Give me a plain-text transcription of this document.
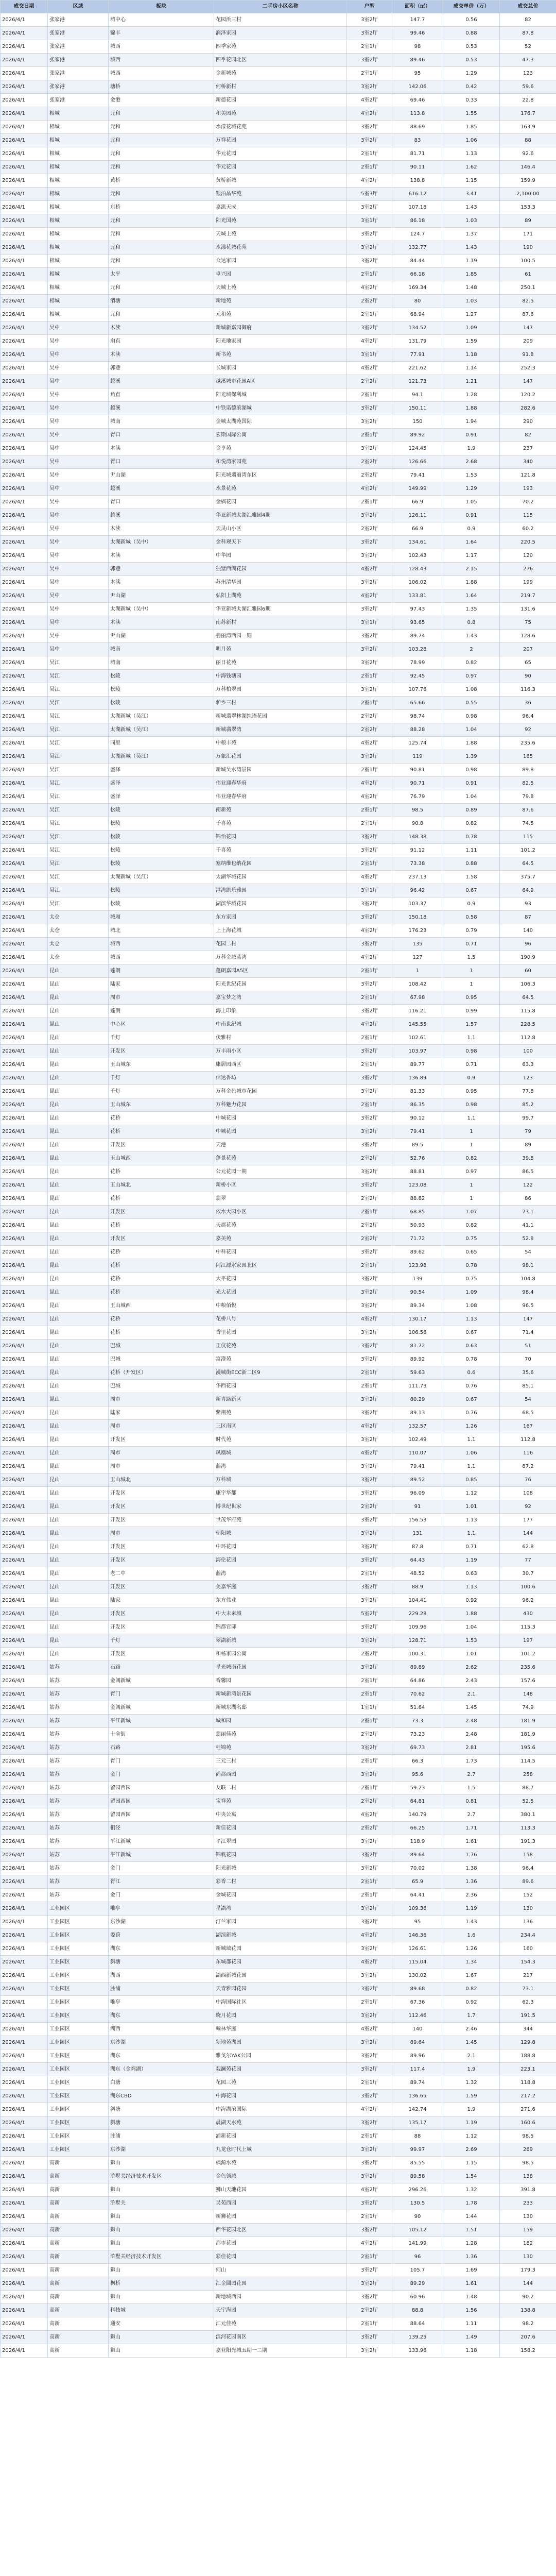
成交日期	区域	板块	二手房小区名称	户型	面积（㎡）	成交单价（万）	成交总价
2026/4/1	张家港	城中心	花园浜三村	3室2厅	147.7	0.56	82
2026/4/1	张家港	锦丰	润泽家园	3室2厅	99.46	0.88	87.8
2026/4/1	张家港	城西	四季家苑	2室1厅	98	0.53	52
2026/4/1	张家港	城西	四季花园北区	3室2厅	89.46	0.53	47.3
2026/4/1	张家港	城西	金新城苑	2室1厅	95	1.29	123
2026/4/1	张家港	塘桥	何桥新村	3室2厅	142.06	0.42	59.6
2026/4/1	张家港	金港	新德花园	4室2厅	69.46	0.33	22.8
2026/4/1	相城	元和	和美园苑	4室2厅	113.8	1.55	176.7
2026/4/1	相城	元和	水漾花城花苑	3室2厅	88.69	1.85	163.9
2026/4/1	相城	元和	万祥花园	3室2厅	83	1.06	88
2026/4/1	相城	元和	华元花园	2室1厅	81.71	1.13	92.6
2026/4/1	相城	元和	华元花园	2室1厅	90.11	1.62	146.4
2026/4/1	相城	黄桥	黄桥新城	4室2厅	138.8	1.15	159.9
2026/4/1	相城	元和	银泊晶华苑	5室3厅	616.12	3.41	2,100.00
2026/4/1	相城	东桥	嘉凯天成	3室2厅	107.18	1.43	153.3
2026/4/1	相城	元和	阳光国苑	3室1厅	86.18	1.03	89
2026/4/1	相城	元和	天城上苑	3室2厅	124.7	1.37	171
2026/4/1	相城	元和	水漾花城花苑	3室2厅	132.77	1.43	190
2026/4/1	相城	元和	众达家园	3室2厅	84.44	1.19	100.5
2026/4/1	相城	太平	卓兴园	2室1厅	66.18	1.85	61
2026/4/1	相城	元和	天城上苑	4室2厅	169.34	1.48	250.1
2026/4/1	相城	渭塘	新地苑	2室2厅	80	1.03	82.5
2026/4/1	相城	元和	元和苑	2室1厅	68.94	1.27	87.6
2026/4/1	吴中	木渎	新城新嘉园御府	3室2厅	134.52	1.09	147
2026/4/1	吴中	甪直	阳光地家园	4室2厅	131.79	1.59	209
2026/4/1	吴中	木渎	新书苑	3室1厅	77.91	1.18	91.8
2026/4/1	吴中	郭巷	长城家园	4室2厅	221.62	1.14	252.3
2026/4/1	吴中	越溪	越溪城市花园A区	2室2厅	121.73	1.21	147
2026/4/1	吴中	角直	阳光城保利城	2室1厅	94.1	1.28	120.2
2026/4/1	吴中	越溪	中铁诺德滨湖城	3室2厅	150.11	1.88	282.6
2026/4/1	吴中	城南	金城太湖苑国际	3室2厅	150	1.94	290
2026/4/1	吴中	胥口	宏斯国际公寓	2室1厅	89.92	0.91	82
2026/4/1	吴中	木渎	金亨苑	3室2厅	124.45	1.9	237
2026/4/1	吴中	胥口	和悦湾家园苑	2室2厅	126.66	2.68	340
2026/4/1	吴中	尹山湖	阳光城翡丽湾东区	2室2厅	79.41	1.53	121.8
2026/4/1	吴中	越溪	水景花苑	4室2厅	149.99	1.29	193
2026/4/1	吴中	胥口	金枫花园	2室1厅	66.9	1.05	70.2
2026/4/1	吴中	越溪	华亚新城太湖汇雅园4期	3室2厅	126.11	0.91	115
2026/4/1	吴中	木渎	天灵山小区	2室2厅	66.9	0.9	60.2
2026/4/1	吴中	太湖新城（吴中）	金科观天下	3室2厅	134.61	1.64	220.5
2026/4/1	吴中	木渎	中华园	3室2厅	102.43	1.17	120
2026/4/1	吴中	郭巷	独墅西湖花园	4室2厅	128.43	2.15	276
2026/4/1	吴中	木渎	苏州清华园	3室2厅	106.02	1.88	199
2026/4/1	吴中	尹山湖	弘阳上湖苑	4室2厅	133.81	1.64	219.7
2026/4/1	吴中	太湖新城（吴中）	华亚新城太湖汇雅园6期	3室2厅	97.43	1.35	131.6
2026/4/1	吴中	木渎	南苏新村	3室1厅	93.65	0.8	75
2026/4/1	吴中	尹山湖	翡丽湾西园一期	3室2厅	89.74	1.43	128.6
2026/4/1	吴中	城南	明月苑	3室2厅	103.28	2	207
2026/4/1	吴江	城南	丽日花苑	3室2厅	78.99	0.82	65
2026/4/1	吴江	松陵	中海钱塘园	2室1厅	92.45	0.97	90
2026/4/1	吴江	松陵	万科柏翠园	3室2厅	107.76	1.08	116.3
2026/4/1	吴江	松陵	驴乡三村	2室1厅	65.66	0.55	36
2026/4/1	吴江	太湖新城（吴江）	新城翡翠林湖纯语花园	2室2厅	98.74	0.98	96.4
2026/4/1	吴江	太湖新城（吴江）	新城翡翠湾	2室2厅	88.28	1.04	92
2026/4/1	吴江	同里	中粮丰苑	4室2厅	125.74	1.88	235.6
2026/4/1	吴江	太湖新城（吴江）	万象汇花园	3室2厅	119	1.39	165
2026/4/1	吴江	盛泽	新城吴水湾景园	2室1厅	90.81	0.98	89.8
2026/4/1	吴江	盛泽	伟业迎春华府	4室2厅	90.71	0.91	82.5
2026/4/1	吴江	盛泽	伟业迎春华府	4室2厅	76.79	1.04	79.8
2026/4/1	吴江	松陵	南新苑	2室1厅	98.5	0.89	87.6
2026/4/1	吴江	松陵	千喜苑	2室1厅	90.8	0.82	74.5
2026/4/1	吴江	松陵	锦怡花园	3室2厅	148.38	0.78	115
2026/4/1	吴江	松陵	千喜苑	3室2厅	91.12	1.11	101.2
2026/4/1	吴江	松陵	塞纳维也纳花园	2室1厅	73.38	0.88	64.5
2026/4/1	吴江	太湖新城（吴江）	太湖华城花园	4室2厅	237.13	1.58	375.7
2026/4/1	吴江	松陵	港湾凯乐雅园	3室1厅	96.42	0.67	64.9
2026/4/1	吴江	松陵	湖滨华城花园	3室2厅	103.37	0.9	93
2026/4/1	太仓	城厢	东方家园	3室2厅	150.18	0.58	87
2026/4/1	太仓	城北	上上海花城	4室2厅	176.23	0.79	140
2026/4/1	太仓	城西	花园二村	3室2厅	135	0.71	96
2026/4/1	太仓	城西	万科金域蓝湾	4室2厅	127	1.5	190.9
2026/4/1	昆山	蓬朗	蓬朗嘉园A5区	2室1厅	1	1	60
2026/4/1	昆山	陆家	阳光世纪花园	3室2厅	108.42	1	106.3
2026/4/1	昆山	周市	嘉宝梦之湾	2室1厅	67.98	0.95	64.5
2026/4/1	昆山	蓬朗	海上印象	3室2厅	116.21	0.99	115.8
2026/4/1	昆山	中心区	中南世纪城	4室2厅	145.55	1.57	228.5
2026/4/1	昆山	千灯	伏雅村	2室1厅	102.61	1.1	112.8
2026/4/1	昆山	开发区	万丰雨小区	3室2厅	103.97	0.98	100
2026/4/1	昆山	玉山城东	康居园西区	2室1厅	89.77	0.71	63.3
2026/4/1	昆山	千灯	信达香坊	3室2厅	136.89	0.9	123
2026/4/1	昆山	千灯	万科金色城市花园	3室2厅	81.33	0.95	77.8
2026/4/1	昆山	玉山城东	万科魅力花园	2室1厅	86.35	0.98	85.2
2026/4/1	昆山	花桥	中城花园	3室2厅	90.12	1.1	99.7
2026/4/1	昆山	花桥	中城花园	3室2厅	79.41	1	79
2026/4/1	昆山	开发区	天港	3室2厅	89.5	1	89
2026/4/1	昆山	玉山城西	蓬景花苑	2室2厅	52.76	0.82	39.8
2026/4/1	昆山	花桥	公元花园一期	3室2厅	88.81	0.97	86.5
2026/4/1	昆山	玉山城北	新桥小区	3室2厅	123.08	1	122
2026/4/1	昆山	花桥	翡翠	2室2厅	88.82	1	86
2026/4/1	昆山	开发区	依水大园小区	2室1厅	68.85	1.07	73.1
2026/4/1	昆山	花桥	天郡花苑	2室2厅	50.93	0.82	41.1
2026/4/1	昆山	开发区	嘉美苑	2室2厅	71.72	0.75	52.8
2026/4/1	昆山	花桥	中科花园	3室2厅	89.62	0.65	54
2026/4/1	昆山	花桥	阿江源水家园北区	2室1厅	123.98	0.78	98.1
2026/4/1	昆山	花桥	太平花园	3室2厅	139	0.75	104.8
2026/4/1	昆山	花桥	光大花园	3室2厅	90.54	1.09	98.4
2026/4/1	昆山	玉山城西	中粮佰悦	3室2厅	89.34	1.08	96.5
2026/4/1	昆山	花桥	花桥八号	4室2厅	130.17	1.13	147
2026/4/1	昆山	花桥	香里花园	3室2厅	106.56	0.67	71.4
2026/4/1	昆山	巴城	正仪花苑	3室2厅	81.72	0.63	51
2026/4/1	昆山	巴城	富澄苑	3室2厅	89.92	0.78	70
2026/4/1	昆山	花桥（开发区）	漫城街ECC新二区9	2室1厅	59.63	0.6	35.6
2026/4/1	昆山	巴城	华西花园	2室1厅	111.73	0.76	85.1
2026/4/1	昆山	周市	新青路新区	3室2厅	80.29	0.67	54
2026/4/1	昆山	陆家	紫荆苑	3室2厅	89.13	0.76	68.5
2026/4/1	昆山	周市	三区南区	4室2厅	132.57	1.26	167
2026/4/1	昆山	开发区	时代苑	3室2厅	102.49	1.1	112.8
2026/4/1	昆山	周市	凤凰城	4室2厅	110.07	1.06	116
2026/4/1	昆山	周市	蓝湾	3室2厅	79.41	1.1	87.2
2026/4/1	昆山	玉山城北	万科城	3室2厅	89.52	0.85	76
2026/4/1	昆山	开发区	康宇华都	3室2厅	96.09	1.12	108
2026/4/1	昆山	开发区	博世纪世家	2室2厅	91	1.01	92
2026/4/1	昆山	开发区	世茂华府苑	3室2厅	156.53	1.13	177
2026/4/1	昆山	周市	朝阳城	3室2厅	131	1.1	144
2026/4/1	昆山	开发区	中环花园	3室2厅	87.8	0.71	62.8
2026/4/1	昆山	开发区	海伦花园	3室2厅	64.43	1.19	77
2026/4/1	昆山	老二中	蓝湾	2室1厅	48.52	0.63	30.7
2026/4/1	昆山	开发区	美嘉华庭	3室2厅	88.9	1.13	100.6
2026/4/1	昆山	陆家	东方伟业	3室2厅	104.41	0.92	96.2
2026/4/1	昆山	开发区	中大未来城	5室2厅	229.28	1.88	430
2026/4/1	昆山	开发区	锦都官邸	3室2厅	109.96	1.04	115.3
2026/4/1	昆山	千灯	翠湖新城	3室2厅	128.71	1.53	197
2026/4/1	昆山	开发区	和畅家园公寓	2室2厅	100.31	1.01	101.2
2026/4/1	姑苏	石路	星光城南花园	3室2厅	89.89	2.62	235.6
2026/4/1	姑苏	金阊新城	香馨园	2室1厅	64.86	2.43	157.6
2026/4/1	姑苏	胥门	新城新湾景花园	2室1厅	70.62	2.1	148
2026/4/1	姑苏	金阊新城	新城东湖名邸	1室1厅	51.64	1.45	74.9
2026/4/1	姑苏	平江新城	城和园	2室1厅	73.3	2.48	181.9
2026/4/1	姑苏	十全街	翡丽佳苑	2室2厅	73.23	2.48	181.9
2026/4/1	姑苏	石路	桂锦苑	3室2厅	69.73	2.81	195.6
2026/4/1	姑苏	胥门	三元三村	2室1厅	66.3	1.73	114.5
2026/4/1	姑苏	金门	尚都西园	3室2厅	95.6	2.7	258
2026/4/1	姑苏	留园西园	友联二村	2室1厅	59.23	1.5	88.7
2026/4/1	姑苏	留园西园	宝祥苑	2室2厅	64.81	0.81	52.5
2026/4/1	姑苏	留园西园	中央公寓	4室2厅	140.79	2.7	380.1
2026/4/1	姑苏	桐泾	新佳花园	2室2厅	66.25	1.71	113.3
2026/4/1	姑苏	平江新城	平江翠园	3室2厅	118.9	1.61	191.3
2026/4/1	姑苏	平江新城	锦帆花园	3室2厅	89.64	1.76	158
2026/4/1	姑苏	金门	阳光新城	3室2厅	70.02	1.38	96.4
2026/4/1	姑苏	胥江	彩香二村	2室1厅	65.9	1.36	89.6
2026/4/1	姑苏	金门	金城花园	2室1厅	64.41	2.36	152
2026/4/1	工业园区	唯亭	星湖湾	3室2厅	109.36	1.19	130
2026/4/1	工业园区	东沙湖	汀兰家园	3室2厅	95	1.43	136
2026/4/1	工业园区	娄葑	湖滨新城	4室2厅	146.36	1.6	234.4
2026/4/1	工业园区	湖东	新城域花园	3室2厅	126.61	1.26	160
2026/4/1	工业园区	斜塘	东城郡花园	4室2厅	115.04	1.34	154.3
2026/4/1	工业园区	湖西	湖西新城花园	3室2厅	130.02	1.67	217
2026/4/1	工业园区	胜浦	天青雅园花园	3室2厅	89.68	0.82	73.1
2026/4/1	工业园区	唯亭	中海国际社区	2室1厅	67.36	0.92	62.3
2026/4/1	工业园区	湖东	晓月花园	3室2厅	112.46	1.7	191.5
2026/4/1	工业园区	湖西	翰林华庭	4室2厅	140	2.46	344
2026/4/1	工业园区	东沙湖	领地苑湖园	3室2厅	89.64	1.45	129.8
2026/4/1	工业园区	湖东	雅戈尔YAK公园	3室2厅	89.96	2.1	188.8
2026/4/1	工业园区	湖东（金鸡湖）	观澜苑花园	3室2厅	117.4	1.9	223.1
2026/4/1	工业园区	白塘	花园三苑	2室1厅	89.74	1.32	118.8
2026/4/1	工业园区	湖东CBD	中海花园	3室2厅	136.65	1.59	217.2
2026/4/1	工业园区	斜塘	中海湖滨国际	4室2厅	142.74	1.9	271.6
2026/4/1	工业园区	斜塘	晨湖天水苑	3室2厅	135.17	1.19	160.6
2026/4/1	工业园区	胜浦	浦新花园	2室1厅	88	1.12	98.5
2026/4/1	工业园区	东沙湖	九龙仓时代上城	3室2厅	99.97	2.69	269
2026/4/1	高新	狮山	枫源水苑	3室2厅	85.55	1.15	98.5
2026/4/1	高新	浒墅关经济技术开发区	金色领域	3室2厅	89.58	1.54	138
2026/4/1	高新	狮山	狮山天地花园	4室2厅	296.26	1.32	391.8
2026/4/1	高新	浒墅关	吴苑西园	3室2厅	130.5	1.78	233
2026/4/1	高新	狮山	新狮花园	2室1厅	90	1.44	130
2026/4/1	高新	狮山	西华花园北区	3室2厅	105.12	1.51	159
2026/4/1	高新	狮山	都市花园	4室2厅	141.99	1.28	182
2026/4/1	高新	浒墅关经济技术开发区	彩佳花园	2室1厅	96	1.36	130
2026/4/1	高新	狮山	何山	3室2厅	105.7	1.69	179.3
2026/4/1	高新	枫桥	汇金圆园花园	3室2厅	89.29	1.61	144
2026/4/1	高新	狮山	新地城西园	3室2厅	60.96	1.48	90.2
2026/4/1	高新	科技城	天宇海园	2室2厅	88.8	1.56	138.8
2026/4/1	高新	通安	汇元佳苑	2室1厅	88.64	1.11	98.2
2026/4/1	高新	狮山	滨河花园南区	3室2厅	139.25	1.49	207.6
2026/4/1	高新	狮山	嘉业阳光城五期一二期	3室2厅	133.96	1.18	158.2
